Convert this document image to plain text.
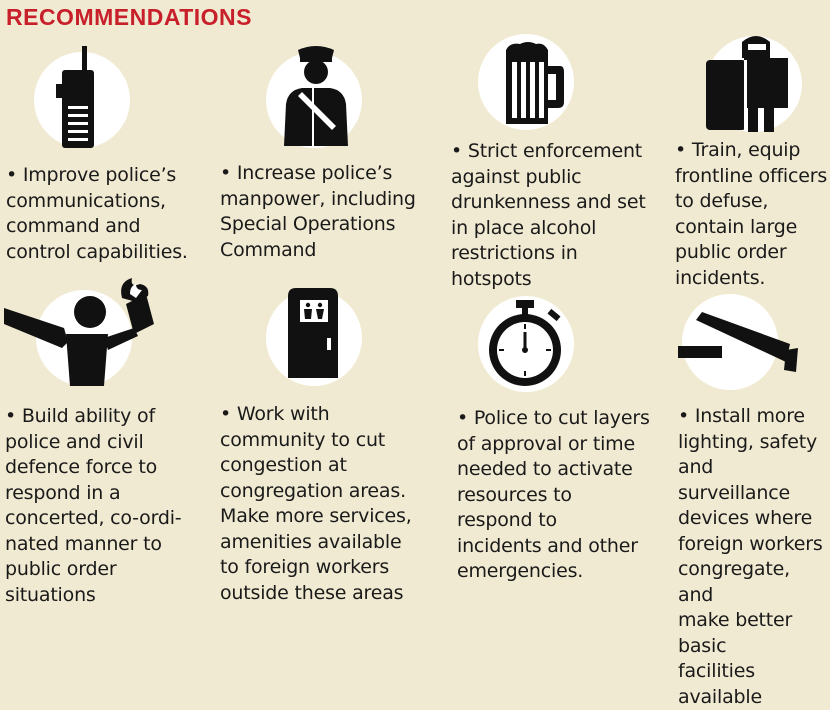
RECOMMENDATIONS
• Improve police’s
communications,
command and
control capabilities.
• Increase police’s
manpower, including
Special Operations
Command
• Strict enforcement
against public
drunkenness and set
in place alcohol
restrictions in
hotspots
• Train, equip
frontline officers
to defuse,
contain large
public order
incidents.
• Build ability of
police and civil
defence force to
respond in a
concerted, co-ordi-
nated manner to
public order
situations
• Work with
community to cut
congestion at
congregation areas.
Make more services,
amenities available
to foreign workers
outside these areas
• Police to cut layers
of approval or time
needed to activate
resources to
respond to
incidents and other
emergencies.
• Install more
lighting, safety
and surveillance
devices where
foreign workers
congregate, and
make better basic
facilities available
